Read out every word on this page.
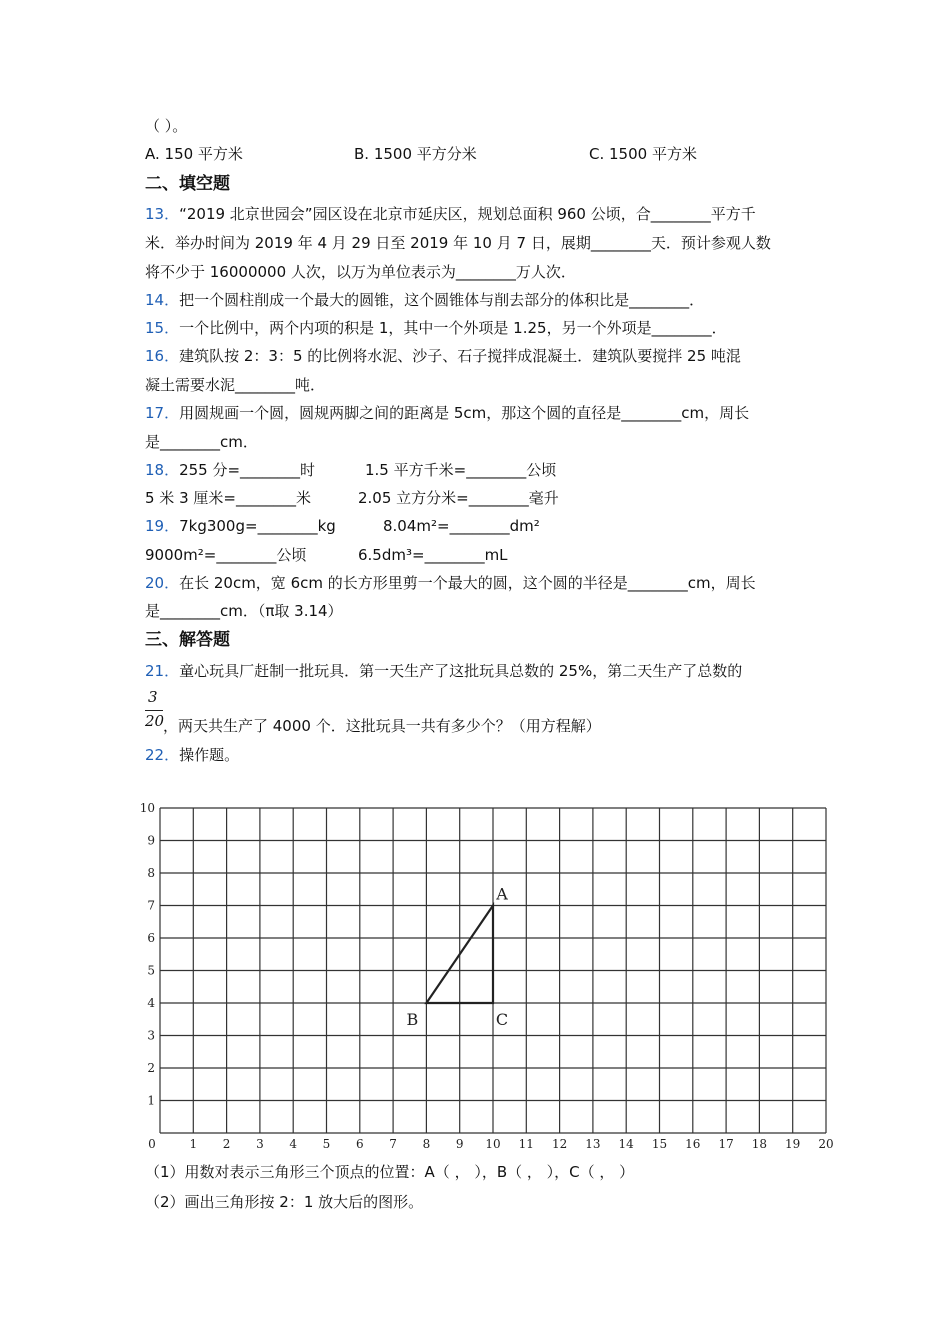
（ ）。
A. 150 平方米	B. 1500 平方分米	C. 1500 平方米
二、填空题
13．“2019 北京世园会”园区设在北京市延庆区，规划总面积 960 公顷，合________平方千
米．举办时间为 2019 年 4 月 29 日至 2019 年 10 月 7 日，展期________天．预计参观人数
将不少于 16000000 人次，以万为单位表示为________万人次．
14．把一个圆柱削成一个最大的圆锥，这个圆锥体与削去部分的体积比是________．
15．一个比例中，两个内项的积是 1，其中一个外项是 1.25，另一个外项是________．
16．建筑队按 2：3：5 的比例将水泥、沙子、石子搅拌成混凝土．建筑队要搅拌 25 吨混
凝土需要水泥________吨．
17．用圆规画一个圆，圆规两脚之间的距离是 5cm，那这个圆的直径是________cm，周长
是________cm．
18．255 分=________时	1.5 平方千米=________公顷
5 米 3 厘米=________米	2.05 立方分米=________毫升
19．7kg300g=________kg	8.04m²=________dm²
9000m²=________公顷	6.5dm³=________mL
20．在长 20cm，宽 6cm 的长方形里剪一个最大的圆，这个圆的半径是________cm，周长
是________cm．（π取 3.14）
三、解答题
21．童心玩具厂赶制一批玩具．第一天生产了这批玩具总数的 25%，第二天生产了总数的
3
20
，两天共生产了 4000 个．这批玩具一共有多少个？（用方程解）
22．操作题。
0	1 2 3 4 5 6 7 8 9 10 11 12 13 14 15 16 17 18 19 20
1
2
3
4
5
6
7
8
9
10
A
B	C
（1）用数对表示三角形三个顶点的位置：A（ ， ），B（ ， ），C（ ， ）
（2）画出三角形按 2：1 放大后的图形。
